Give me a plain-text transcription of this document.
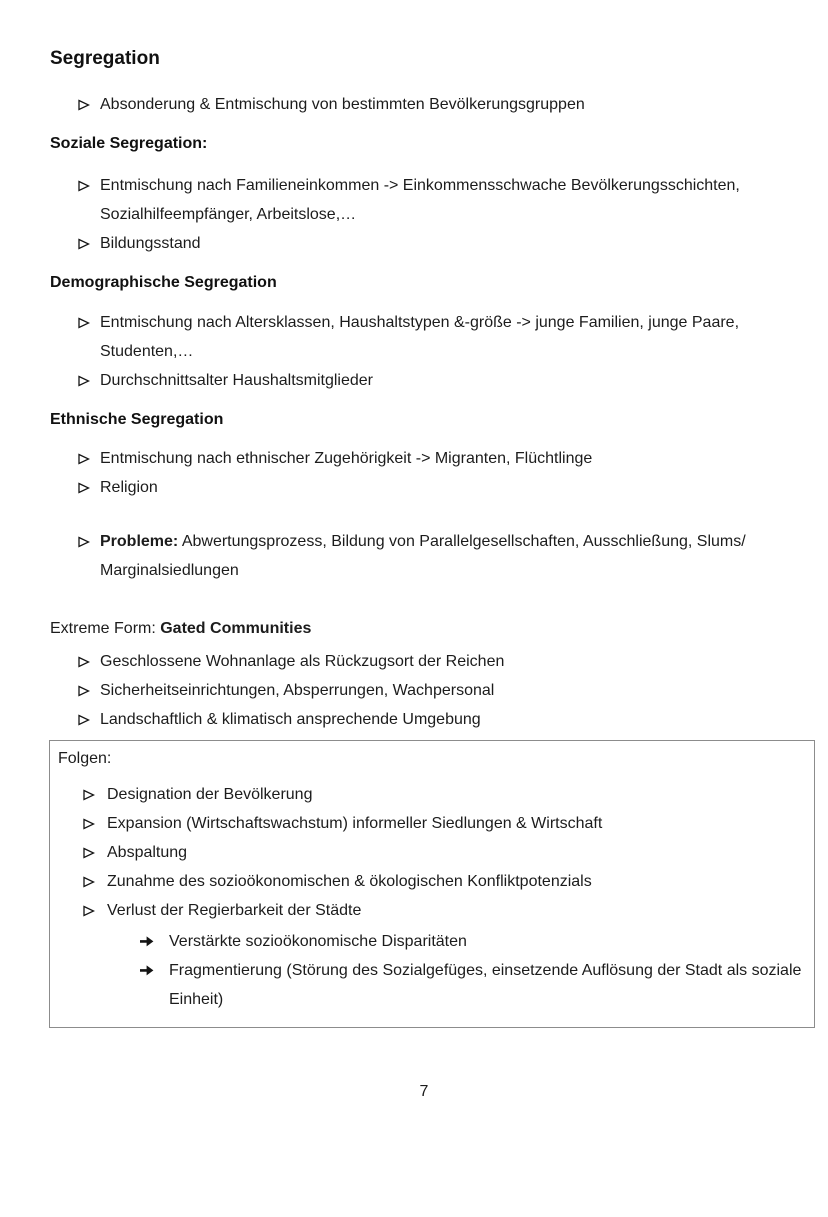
Segregation
Absonderung & Entmischung von bestimmten Bevölkerungsgruppen
Soziale Segregation:
Entmischung nach Familieneinkommen -> Einkommensschwache Bevölkerungsschichten, Sozialhilfeempfänger, Arbeitslose,…
Bildungsstand
Demographische Segregation
Entmischung nach Altersklassen, Haushaltstypen &-größe -> junge Familien, junge Paare, Studenten,…
Durchschnittsalter Haushaltsmitglieder
Ethnische Segregation
Entmischung nach ethnischer Zugehörigkeit -> Migranten, Flüchtlinge
Religion
Probleme: Abwertungsprozess, Bildung von Parallelgesellschaften, Ausschließung, Slums/ Marginalsiedlungen
Extreme Form: Gated Communities
Geschlossene Wohnanlage als Rückzugsort der Reichen
Sicherheitseinrichtungen, Absperrungen, Wachpersonal
Landschaftlich & klimatisch ansprechende Umgebung
Folgen:
Designation der Bevölkerung
Expansion (Wirtschaftswachstum) informeller Siedlungen & Wirtschaft
Abspaltung
Zunahme des sozioökonomischen & ökologischen Konfliktpotenzials
Verlust der Regierbarkeit der Städte
Verstärkte sozioökonomische Disparitäten
Fragmentierung (Störung des Sozialgefüges, einsetzende Auflösung der Stadt als soziale Einheit)
7
